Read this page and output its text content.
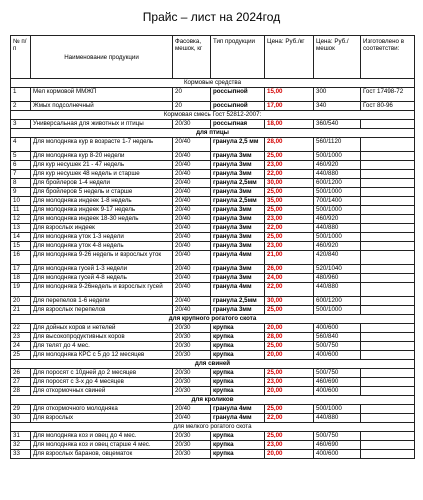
Прайс – лист на 2024год
№ п/п	Наименование продукции	Фасовка, мешок, кг	Тип продукции	Цена: Руб./кг	Цена: Руб./ мешок	Изготовлено в соответстви:
Кормовые средства						
1	Мел кормовой ММЖП	20	россыпной	15,00	300	Гост 17498-72
2	Жмых подсолнечный	20	россыпной	17,00	340	Гост 80-96
Кормовая смесь Гост 52812-2007:						
3	Универсальная для животных и птицы	20/30	россыпная	18,00	360/540	
для птицы						
4	Для молодняка кур в возрасте 1-7 недель	20/40	гранула 2,5 мм	28,00	560/1120	
5	Для молодняка кур 8-20 недели	20/40	гранула 3мм	25,00	500/1000	
6	Для кур несушек 21 - 47 недель	20/40	гранула 3мм	23,00	460/920	
7	Для кур несушек 48 недель и старше	20/40	гранула 3мм	22,00	440/880	
8	Для бройлеров 1-4 недели	20/40	гранула 2,5мм	30,00	600/1200	
9	Для бройлеров 5 недель и старше	20/40	гранула 3мм	25,00	500/1000	
10	Для молодняка индеек 1-8 недель	20/40	гранула 2,5мм	35,00	700/1400	
11	Для молодняка индеек 9-17 недель	20/40	гранула 3мм	25,00	500/1000	
12	Для молодняка индеек 18-30 недель	20/40	гранула 3мм	23,00	460/920	
13	Для взрослых индеек	20/40	гранула 3мм	22,00	440/880	
14	Для молодняка уток 1-3 недели	20/40	гранула 3мм	25,00	500/1000	
15	Для молодняка уток 4-8 недель	20/40	гранула 3мм	23,00	460/920	
16	Для молодняка 9-26 недель и взрослых уток	20/40	гранула 4мм	21,00	420/840	
17	Для молодняка гусей 1-3 недели	20/40	гранула 3мм	26,00	520/1040	
18	Для молодняка гусей 4-8 недель	20/40	гранула 3мм	24,00	480/960	
19	Для молодняка 9-26недель и взрослых гусей	20/40	гранула 4мм	22,00	440/880	
20	Для перепелов 1-6 недели	20/40	гранула 2,5мм	30,00	600/1200	
21	Для взрослых перепелов	20/40	гранула 3мм	25,00	500/1000	
для крупного рогатого скота						
22	Для дойных коров и нетелей	20/30	крупка	20,00	400/600	
23	Для высокопродуктивных коров	20/30	крупка	28,00	560/840	
24	Для телят до 4 мес.	20/30	крупка	25,00	500/750	
25	Для молодняка КРС с 5 до 12 месяцев	20/30	крупка	20,00	400/600	
для свиней						
26	Для поросят с 10дней до 2 месяцев	20/30	крупка	25,00	500/750	
27	Для поросят с 3-х до 4 месяцев	20/30	крупка	23,00	460/690	
28	Для откормочных свиней	20/30	крупка	20,00	400/600	
для кроликов						
29	Для откормочного молодняка	20/40	гранула 4мм	25,00	500/1000	
30	Для взрослых	20/40	гранула 4мм	22,00	440/880	
для мелкого рогатого скота						
31	Для молодняка коз и овец до 4 мес.	20/30	крупка	25,00	500/750	
32	Для молодняка коз и овец старше 4 мес.	20/30	крупка	23,00	460/690	
33	Для взрослых баранов, овцематок	20/30	крупка	20,00	400/600	
